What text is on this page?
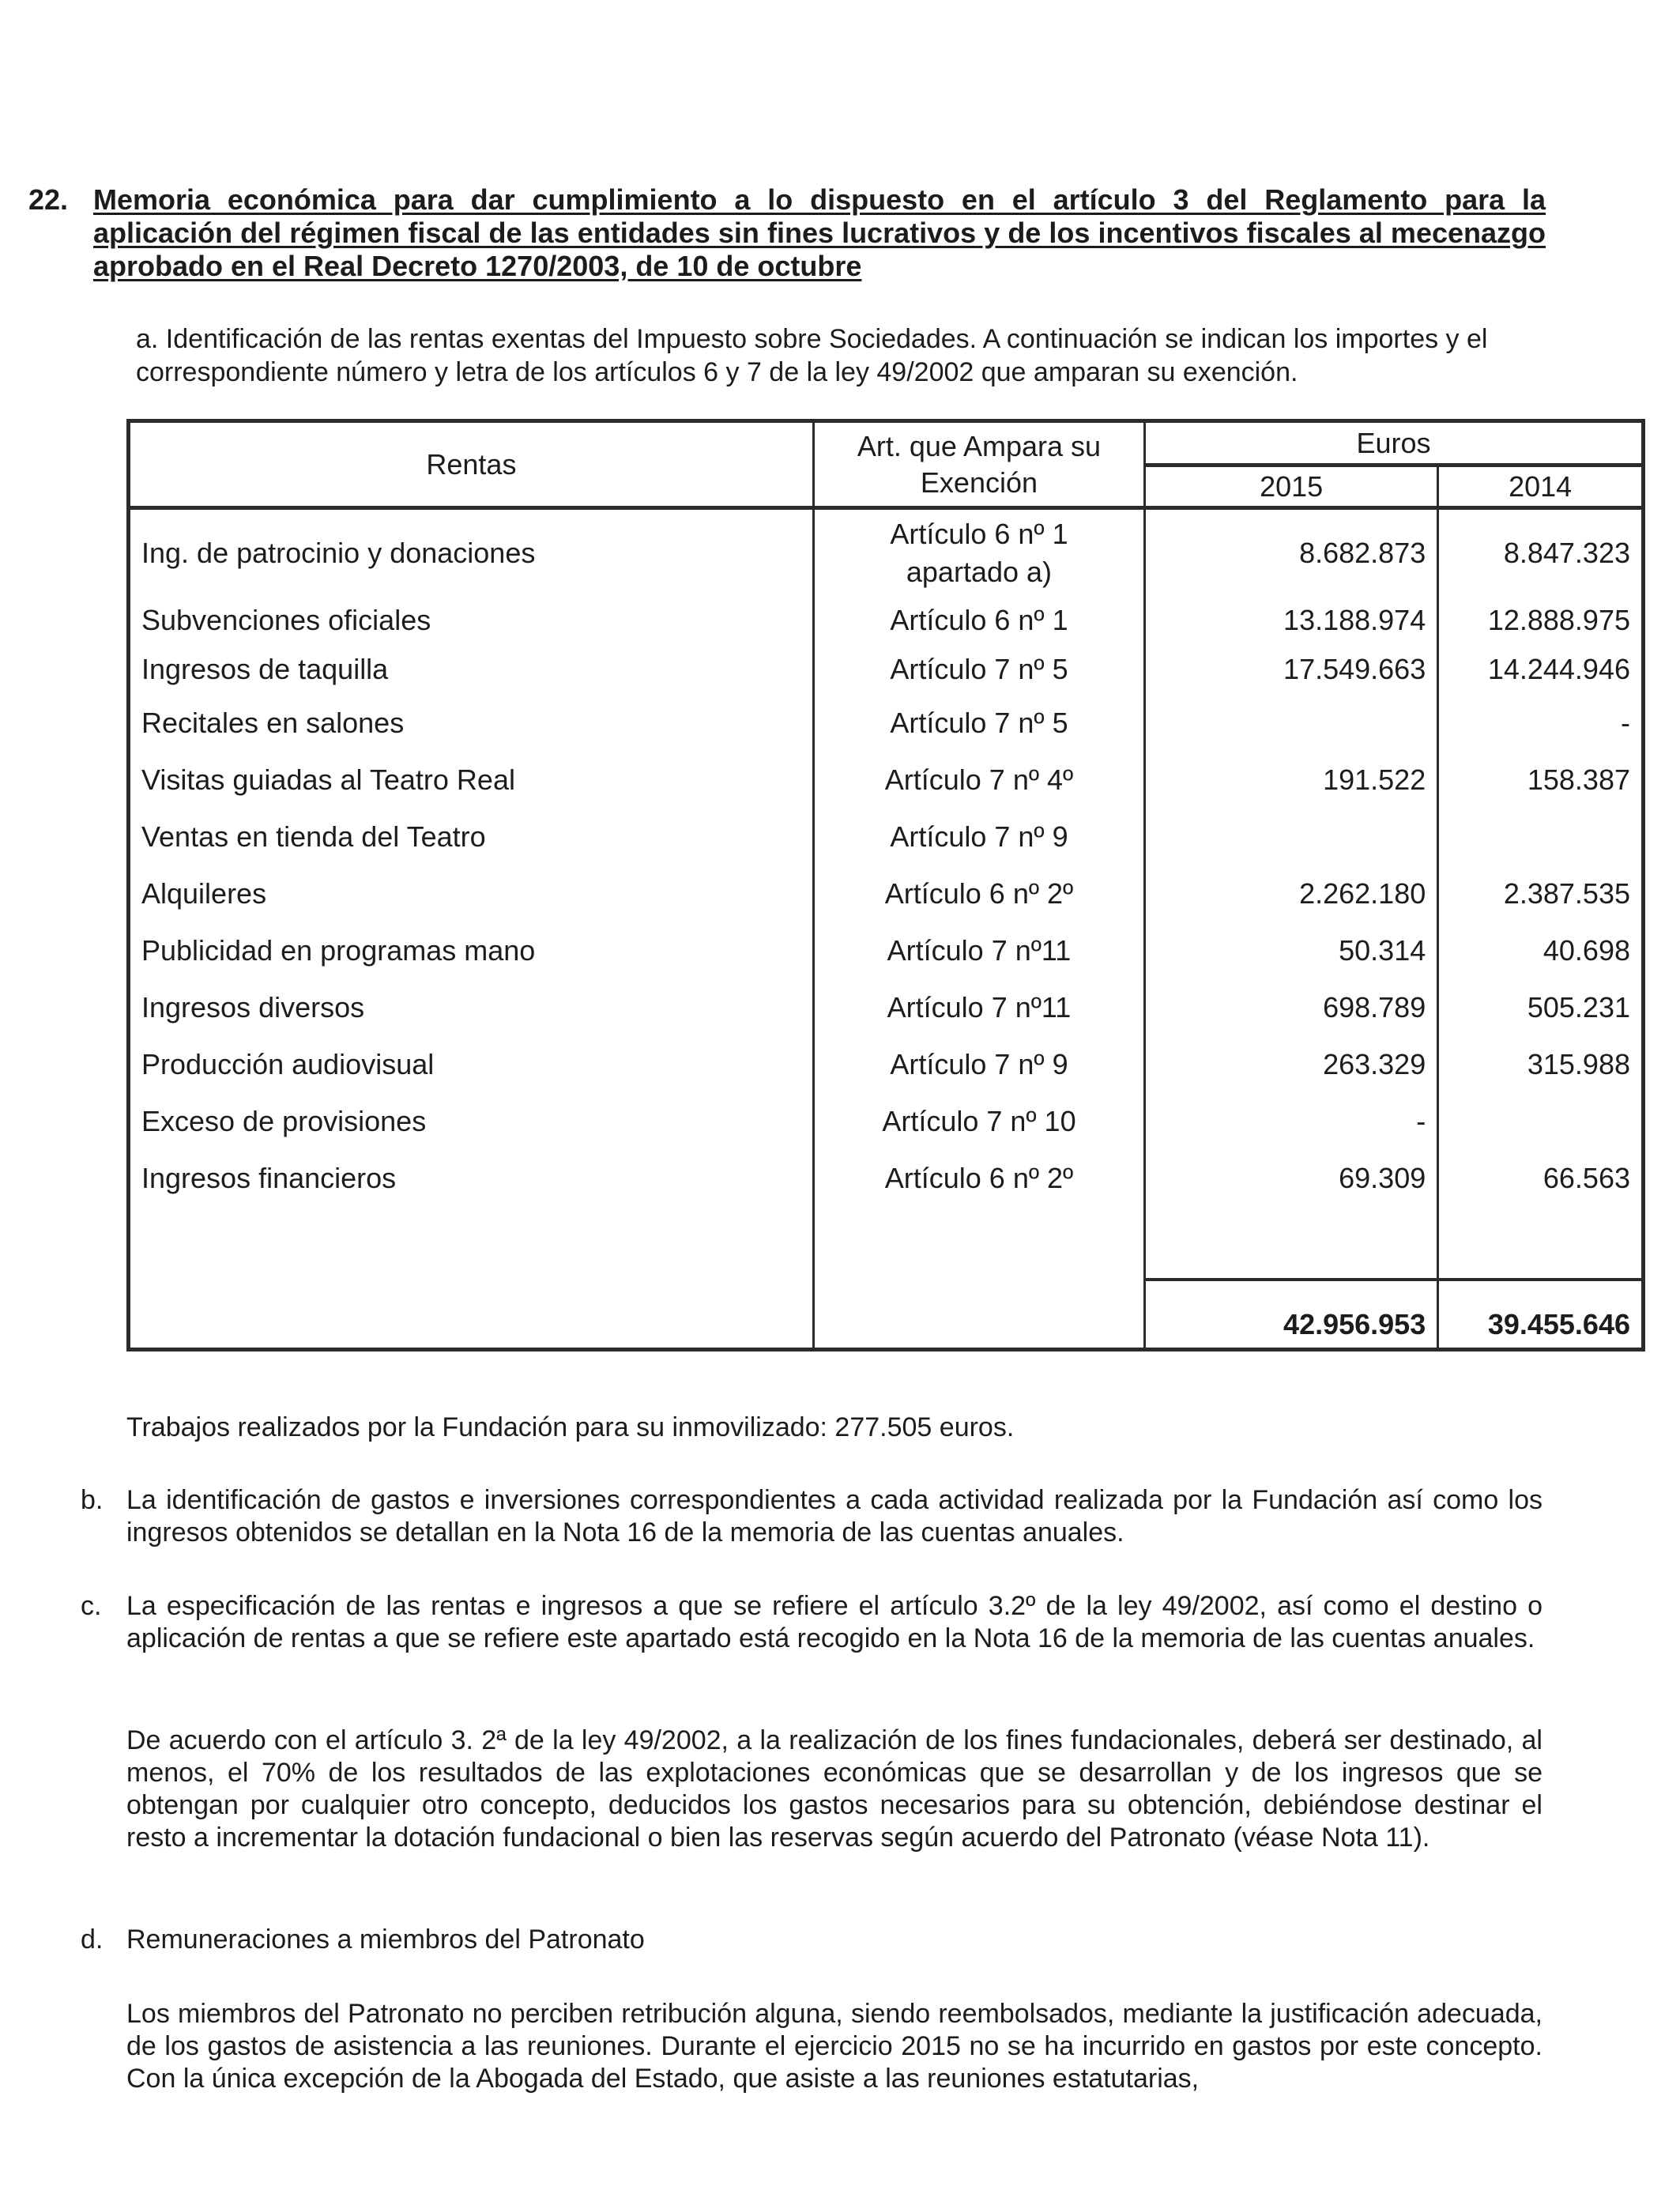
22. Memoria económica para dar cumplimiento a lo dispuesto en el artículo 3 del Reglamento para la aplicación del régimen fiscal de las entidades sin fines lucrativos y de los incentivos fiscales al mecenazgo aprobado en el Real Decreto 1270/2003, de 10 de octubre
a. Identificación de las rentas exentas del Impuesto sobre Sociedades. A continuación se indican los importes y el correspondiente número y letra de los artículos 6 y 7 de la ley 49/2002 que amparan su exención.
Rentas	Art. que Ampara su Exención	Euros	
		2015	2014
Ing. de patrocinio y donaciones	Artículo 6 nº 1 apartado a)	8.682.873	8.847.323
Subvenciones oficiales	Artículo 6 nº 1	13.188.974	12.888.975
Ingresos de taquilla	Artículo 7 nº 5	17.549.663	14.244.946
Recitales en salones	Artículo 7 nº 5		-
Visitas guiadas al Teatro Real	Artículo 7 nº 4º	191.522	158.387
Ventas en tienda del Teatro	Artículo 7 nº 9		
Alquileres	Artículo 6 nº 2º	2.262.180	2.387.535
Publicidad en programas mano	Artículo 7 nº11	50.314	40.698
Ingresos diversos	Artículo 7 nº11	698.789	505.231
Producción audiovisual	Artículo 7 nº 9	263.329	315.988
Exceso de provisiones	Artículo 7 nº 10	-	
Ingresos financieros	Artículo 6 nº 2º	69.309	66.563

		42.956.953	39.455.646
Trabajos realizados por la Fundación para su inmovilizado: 277.505 euros.
b. La identificación de gastos e inversiones correspondientes a cada actividad realizada por la Fundación así como los ingresos obtenidos se detallan en la Nota 16 de la memoria de las cuentas anuales.
c. La especificación de las rentas e ingresos a que se refiere el artículo 3.2º de la ley 49/2002, así como el destino o aplicación de rentas a que se refiere este apartado está recogido en la Nota 16 de la memoria de las cuentas anuales.
De acuerdo con el artículo 3. 2ª de la ley 49/2002, a la realización de los fines fundacionales, deberá ser destinado, al menos, el 70% de los resultados de las explotaciones económicas que se desarrollan y de los ingresos que se obtengan por cualquier otro concepto, deducidos los gastos necesarios para su obtención, debiéndose destinar el resto a incrementar la dotación fundacional o bien las reservas según acuerdo del Patronato (véase Nota 11).
d. Remuneraciones a miembros del Patronato
Los miembros del Patronato no perciben retribución alguna, siendo reembolsados, mediante la justificación adecuada, de los gastos de asistencia a las reuniones. Durante el ejercicio 2015 no se ha incurrido en gastos por este concepto. Con la única excepción de la Abogada del Estado, que asiste a las reuniones estatutarias,
